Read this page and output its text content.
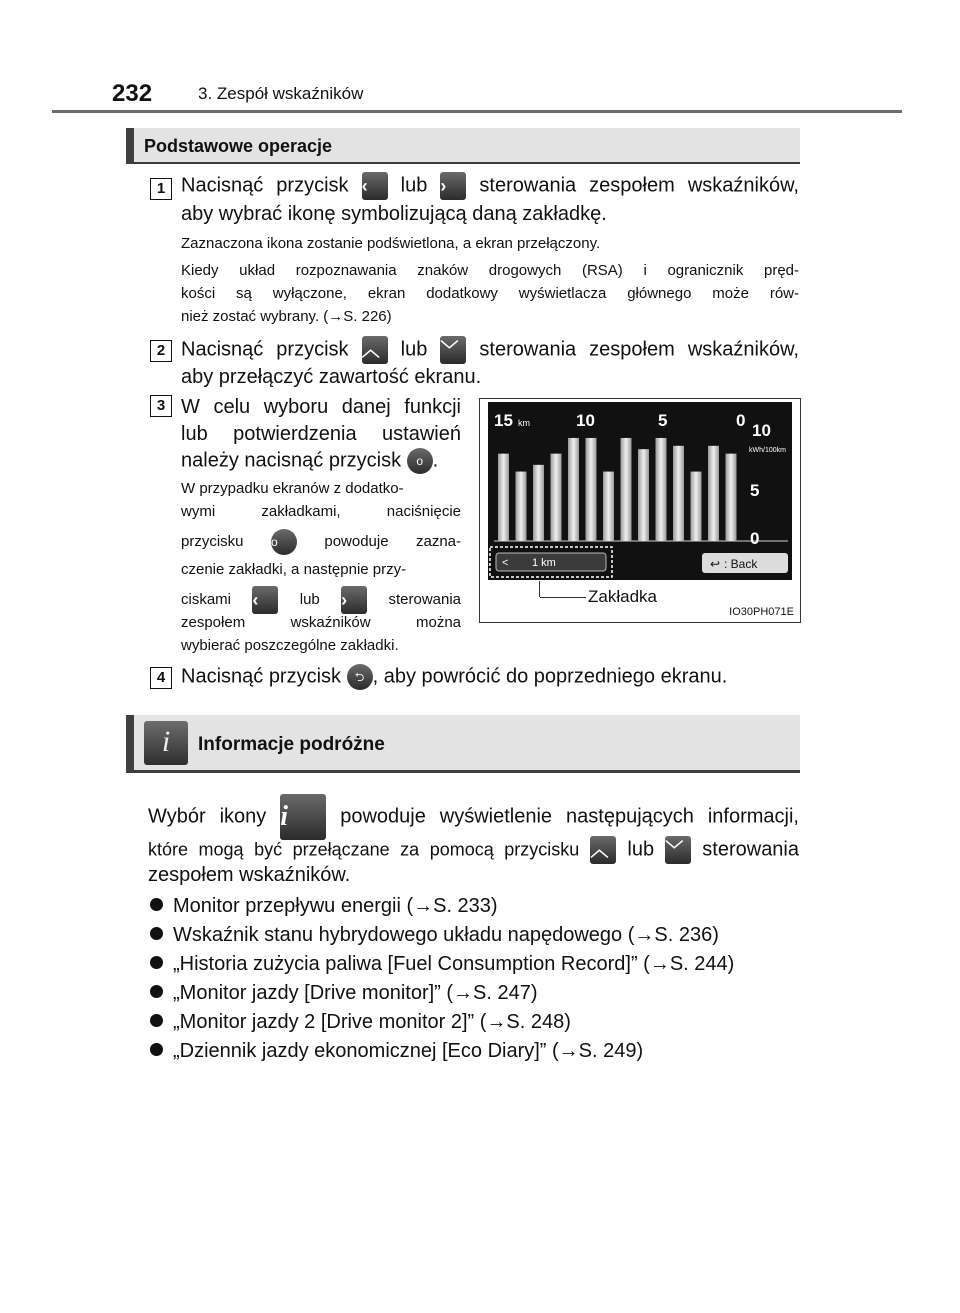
232	3. Zespół wskaźników
Podstawowe operacje
1 Nacisnąć przycisk ‹ lub › sterowania zespołem wskaźników,
aby wybrać ikonę symbolizującą daną zakładkę.
Zaznaczona ikona zostanie podświetlona, a ekran przełączony.
Kiedy układ rozpoznawania znaków drogowych (RSA) i ogranicznik pręd-
kości są wyłączone, ekran dodatkowy wyświetlacza głównego może rów-
nież zostać wybrany. (→S. 226)
2 Nacisnąć przycisk ︿ lub ﹀ sterowania zespołem wskaźników,
aby przełączyć zawartość ekranu.
3 W celu wyboru danej funkcji
lub potwierdzenia ustawień
należy nacisnąć przycisk o .
W przypadku ekranów z dodatko-
wymi zakładkami, naciśnięcie
przycisku o	powoduje zazna-
czenie zakładki, a następnie przy-
ciskami ‹	lub ›	sterowania
zespołem wskaźników można
wybierać poszczególne zakładki.
15 km	10	5	0
10
kWh/100km
5
0
< 1 km	↩ : Back
Zakładka
IO30PH071E
4 Nacisnąć przycisk ⮌ , aby powrócić do poprzedniego ekranu.
i	Informacje podróżne
Wybór ikony i	powoduje wyświetlenie następujących informacji,
które mogą być przełączane za pomocą przycisku ︿ lub ﹀ sterowania
zespołem wskaźników.
Monitor przepływu energii (→S. 233)
Wskaźnik stanu hybrydowego układu napędowego (→S. 236)
„Historia zużycia paliwa [Fuel Consumption Record]” (→S. 244)
„Monitor jazdy [Drive monitor]” (→S. 247)
„Monitor jazdy 2 [Drive monitor 2]” (→S. 248)
„Dziennik jazdy ekonomicznej [Eco Diary]” (→S. 249)
